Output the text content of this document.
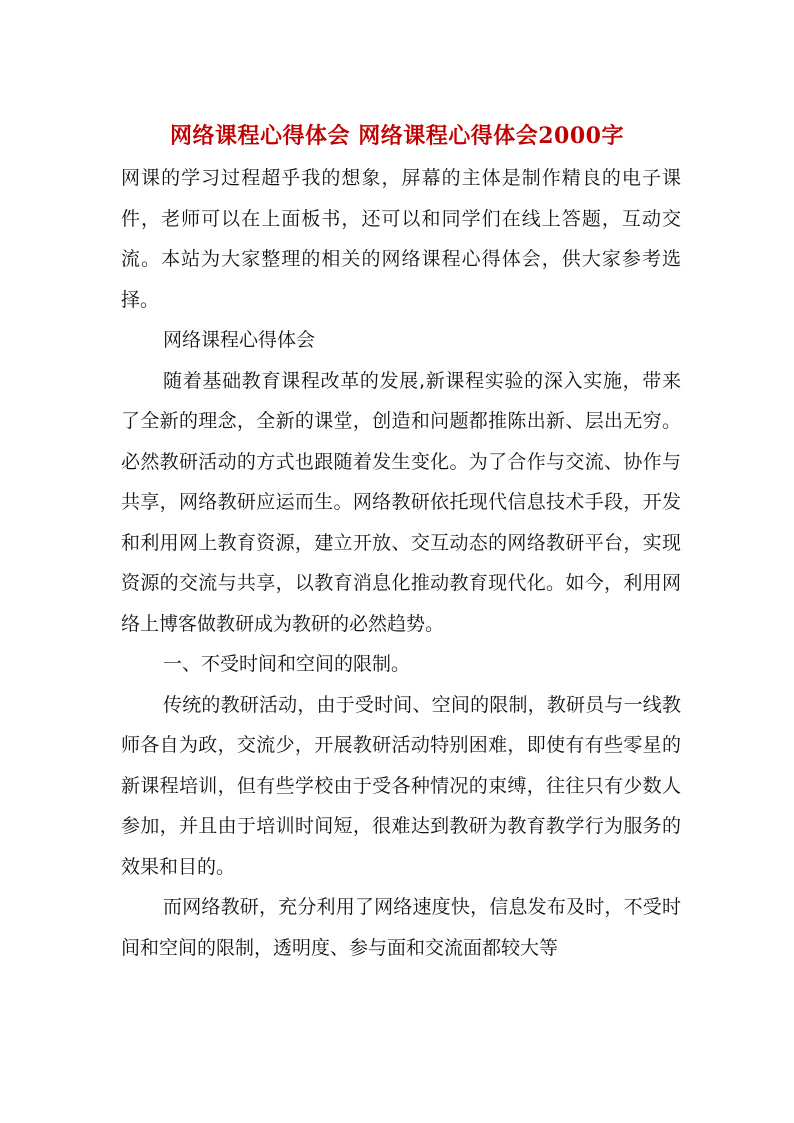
网络课程心得体会 网络课程心得体会2000字

网课的学习过程超乎我的想象，屏幕的主体是制作精良的电子课件，老师可以在上面板书，还可以和同学们在线上答题，互动交流。本站为大家整理的相关的网络课程心得体会，供大家参考选择。

网络课程心得体会

随着基础教育课程改革的发展,新课程实验的深入实施，带来了全新的理念，全新的课堂，创造和问题都推陈出新、层出无穷。必然教研活动的方式也跟随着发生变化。为了合作与交流、协作与共享，网络教研应运而生。网络教研依托现代信息技术手段，开发和利用网上教育资源，建立开放、交互动态的网络教研平台，实现资源的交流与共享，以教育消息化推动教育现代化。如今，利用网络上博客做教研成为教研的必然趋势。

一、不受时间和空间的限制。

传统的教研活动，由于受时间、空间的限制，教研员与一线教师各自为政，交流少，开展教研活动特别困难，即使有有些零星的新课程培训，但有些学校由于受各种情况的束缚，往往只有少数人参加，并且由于培训时间短，很难达到教研为教育教学行为服务的效果和目的。

而网络教研，充分利用了网络速度快，信息发布及时，不受时间和空间的限制，透明度、参与面和交流面都较大等
